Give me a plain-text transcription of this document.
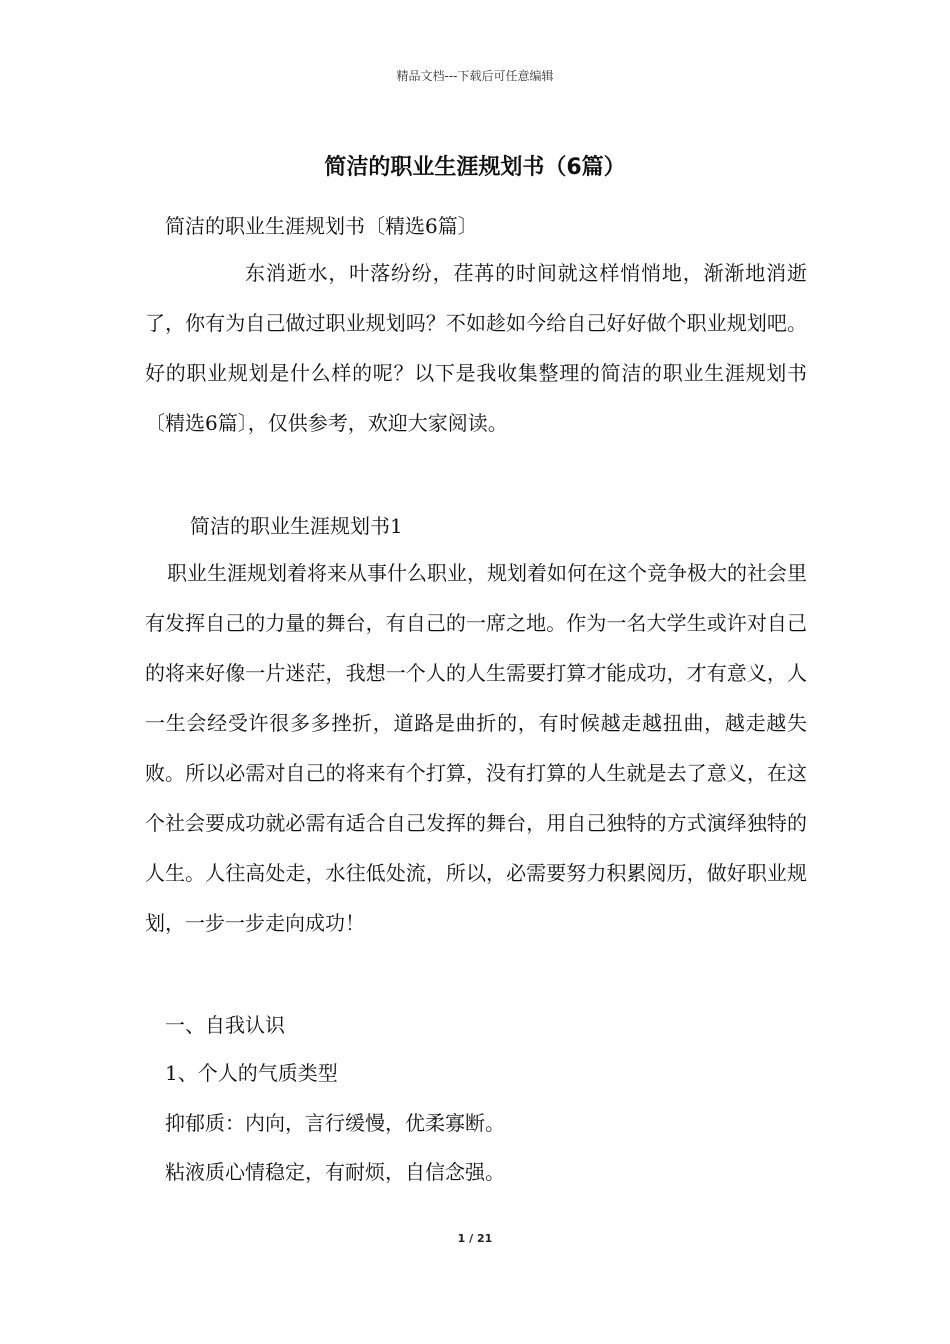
精品文档---下载后可任意编辑
简洁的职业生涯规划书（6篇）

简洁的职业生涯规划书〔精选6篇〕

东消逝水，叶落纷纷，荏苒的时间就这样悄悄地，渐渐地消逝了，你有为自己做过职业规划吗？不如趁如今给自己好好做个职业规划吧。好的职业规划是什么样的呢？以下是我收集整理的简洁的职业生涯规划书〔精选6篇〕，仅供参考，欢迎大家阅读。

简洁的职业生涯规划书1

职业生涯规划着将来从事什么职业，规划着如何在这个竞争极大的社会里有发挥自己的力量的舞台，有自己的一席之地。作为一名大学生或许对自己的将来好像一片迷茫，我想一个人的人生需要打算才能成功，才有意义，人一生会经受许很多多挫折，道路是曲折的，有时候越走越扭曲，越走越失败。所以必需对自己的将来有个打算，没有打算的人生就是去了意义，在这个社会要成功就必需有适合自己发挥的舞台，用自己独特的方式演绎独特的人生。人往高处走，水往低处流，所以，必需要努力积累阅历，做好职业规划，一步一步走向成功！

一、自我认识

1、个人的气质类型

抑郁质：内向，言行缓慢，优柔寡断。

粘液质心情稳定，有耐烦，自信念强。

1 / 21
